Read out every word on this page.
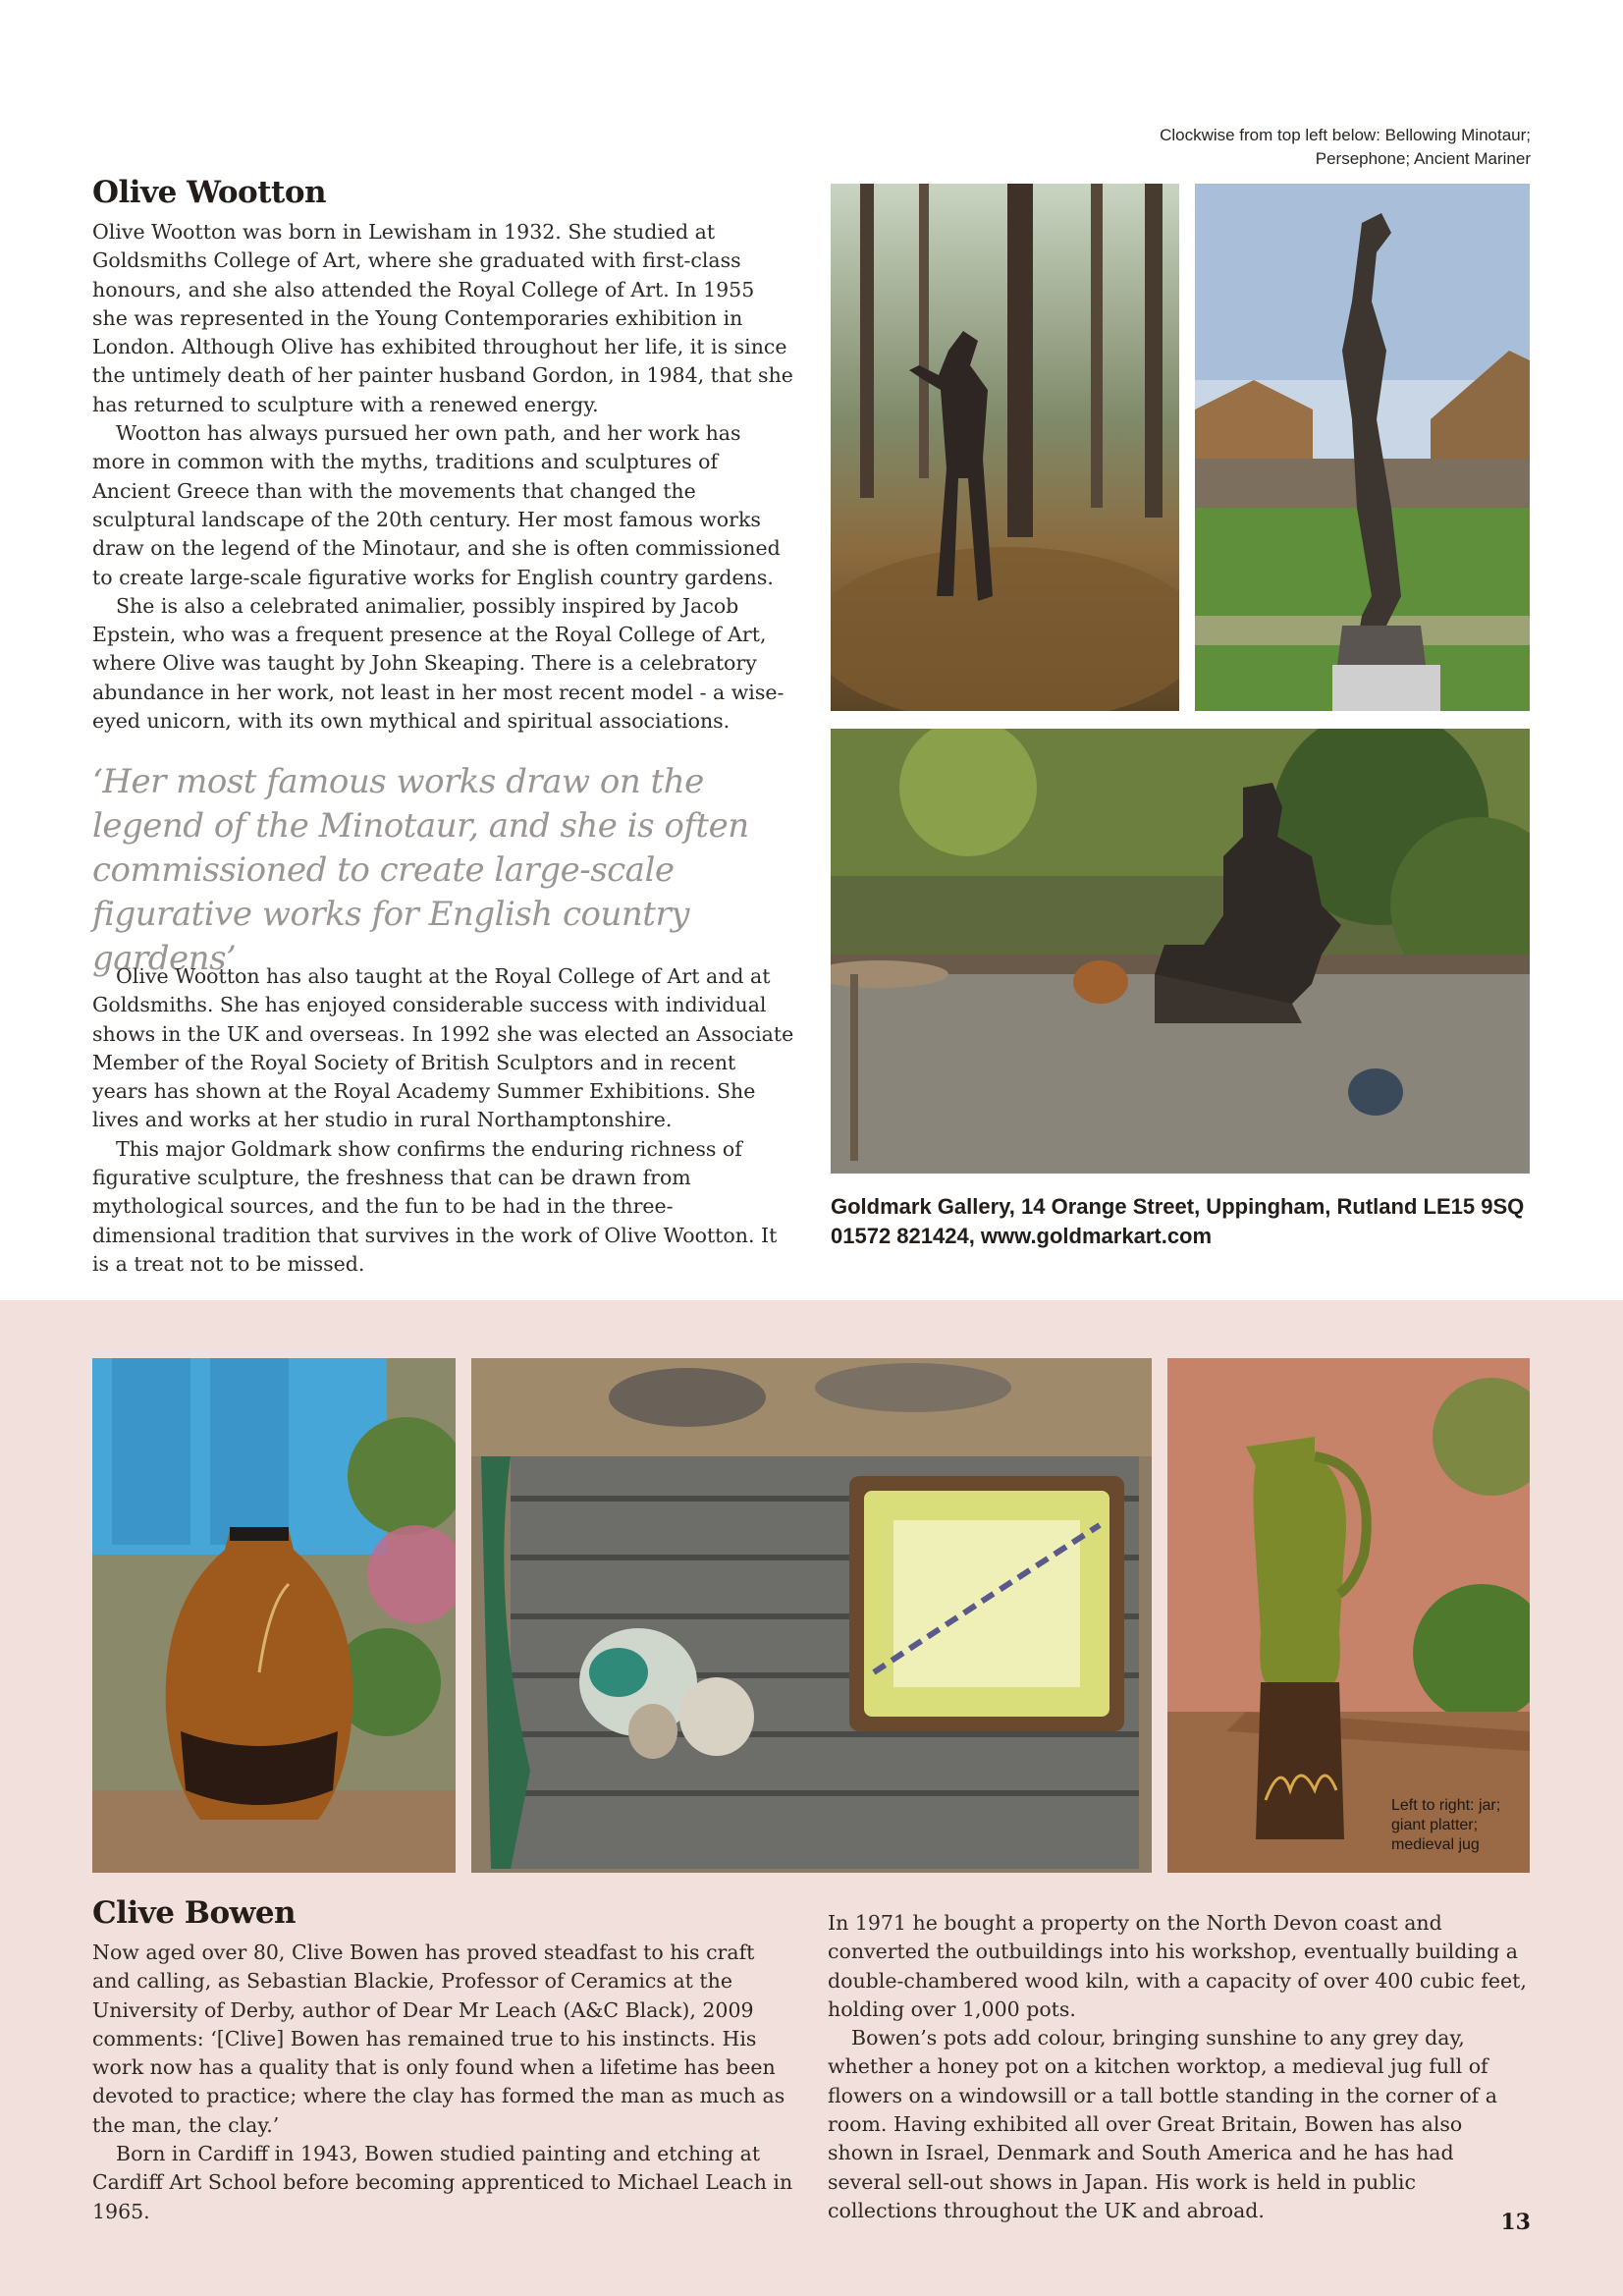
Clockwise from top left below: Bellowing Minotaur; Persephone; Ancient Mariner
Olive Wootton

Olive Wootton was born in Lewisham in 1932. She studied at Goldsmiths College of Art, where she graduated with first-class honours, and she also attended the Royal College of Art. In 1955 she was represented in the Young Contemporaries exhibition in London. Although Olive has exhibited throughout her life, it is since the untimely death of her painter husband Gordon, in 1984, that she has returned to sculpture with a renewed energy.

Wootton has always pursued her own path, and her work has more in common with the myths, traditions and sculptures of Ancient Greece than with the movements that changed the sculptural landscape of the 20th century. Her most famous works draw on the legend of the Minotaur, and she is often commissioned to create large-scale figurative works for English country gardens.

She is also a celebrated animalier, possibly inspired by Jacob Epstein, who was a frequent presence at the Royal College of Art, where Olive was taught by John Skeaping. There is a celebratory abundance in her work, not least in her most recent model - a wise-eyed unicorn, with its own mythical and spiritual associations.

‘Her most famous works draw on the legend of the Minotaur, and she is often commissioned to create large-scale figurative works for English country gardens’

Olive Wootton has also taught at the Royal College of Art and at Goldsmiths. She has enjoyed considerable success with individual shows in the UK and overseas. In 1992 she was elected an Associate Member of the Royal Society of British Sculptors and in recent years has shown at the Royal Academy Summer Exhibitions. She lives and works at her studio in rural Northamptonshire.

This major Goldmark show confirms the enduring richness of figurative sculpture, the freshness that can be drawn from mythological sources, and the fun to be had in the three-dimensional tradition that survives in the work of Olive Wootton. It is a treat not to be missed.

Goldmark Gallery, 14 Orange Street, Uppingham, Rutland LE15 9SQ
01572 821424, www.goldmarkart.com
Left to right: jar; giant platter; medieval jug
Clive Bowen

Now aged over 80, Clive Bowen has proved steadfast to his craft and calling, as Sebastian Blackie, Professor of Ceramics at the University of Derby, author of Dear Mr Leach (A&C Black), 2009 comments: ‘[Clive] Bowen has remained true to his instincts. His work now has a quality that is only found when a lifetime has been devoted to practice; where the clay has formed the man as much as the man, the clay.’

Born in Cardiff in 1943, Bowen studied painting and etching at Cardiff Art School before becoming apprenticed to Michael Leach in 1965.

In 1971 he bought a property on the North Devon coast and converted the outbuildings into his workshop, eventually building a double-chambered wood kiln, with a capacity of over 400 cubic feet, holding over 1,000 pots.

Bowen’s pots add colour, bringing sunshine to any grey day, whether a honey pot on a kitchen worktop, a medieval jug full of flowers on a windowsill or a tall bottle standing in the corner of a room. Having exhibited all over Great Britain, Bowen has also shown in Israel, Denmark and South America and he has had several sell-out shows in Japan. His work is held in public collections throughout the UK and abroad.	13
